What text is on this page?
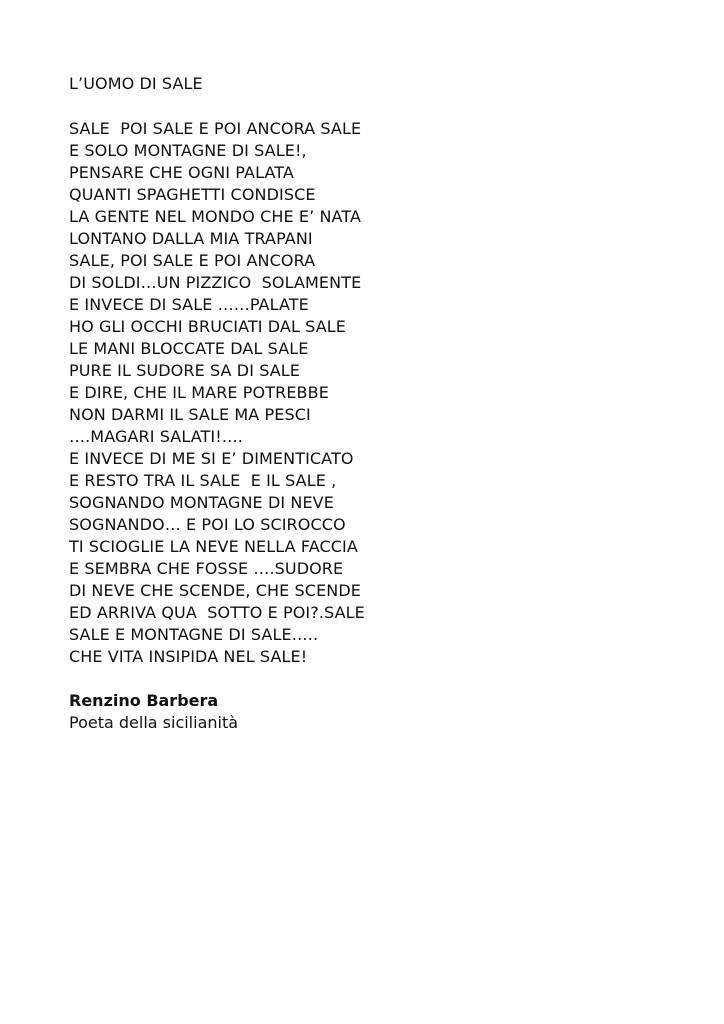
L’UOMO DI SALE
SALE  POI SALE E POI ANCORA SALE
E SOLO MONTAGNE DI SALE!,
PENSARE CHE OGNI PALATA
QUANTI SPAGHETTI CONDISCE
LA GENTE NEL MONDO CHE E’ NATA
LONTANO DALLA MIA TRAPANI
SALE, POI SALE E POI ANCORA
DI SOLDI…UN PIZZICO  SOLAMENTE
E INVECE DI SALE ……PALATE
HO GLI OCCHI BRUCIATI DAL SALE
LE MANI BLOCCATE DAL SALE
PURE IL SUDORE SA DI SALE
E DIRE, CHE IL MARE POTREBBE
NON DARMI IL SALE MA PESCI
….MAGARI SALATI!….
E INVECE DI ME SI E’ DIMENTICATO
E RESTO TRA IL SALE  E IL SALE ,
SOGNANDO MONTAGNE DI NEVE
SOGNANDO… E POI LO SCIROCCO
TI SCIOGLIE LA NEVE NELLA FACCIA
E SEMBRA CHE FOSSE ….SUDORE
DI NEVE CHE SCENDE, CHE SCENDE
ED ARRIVA QUA  SOTTO E POI?.SALE
SALE E MONTAGNE DI SALE…..
CHE VITA INSIPIDA NEL SALE!
Renzino Barbera
Poeta della sicilianità
